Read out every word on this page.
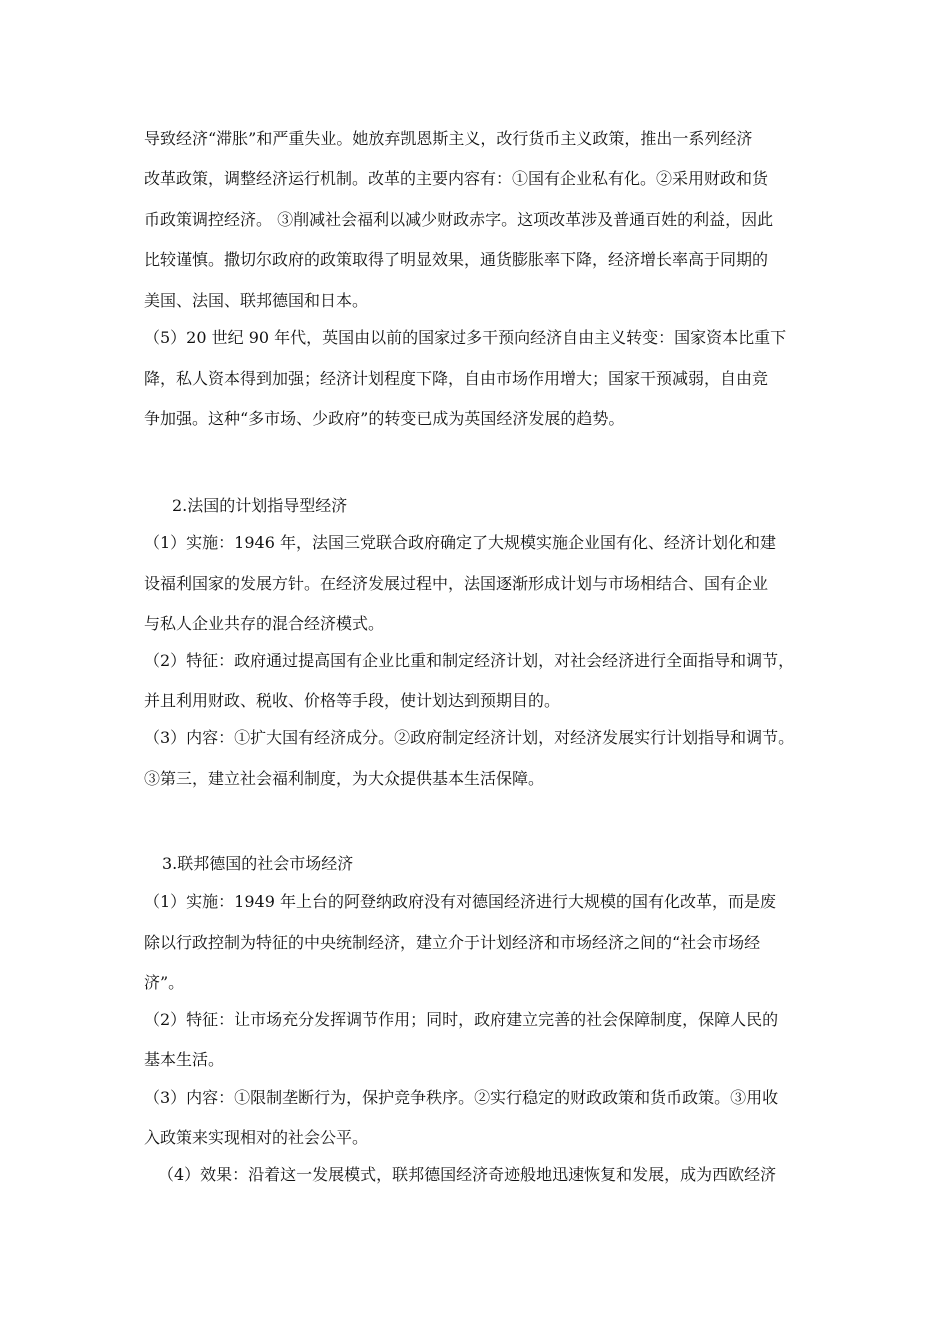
导致经济“滞胀”和严重失业。她放弃凯恩斯主义，改行货币主义政策，推出一系列经济
改革政策，调整经济运行机制。改革的主要内容有：①国有企业私有化。②采用财政和货
币政策调控经济。 ③削减社会福利以减少财政赤字。这项改革涉及普通百姓的利益，因此
比较谨慎。撒切尔政府的政策取得了明显效果，通货膨胀率下降，经济增长率高于同期的
美国、法国、联邦德国和日本。
（5）20 世纪 90 年代，英国由以前的国家过多干预向经济自由主义转变：国家资本比重下
降，私人资本得到加强；经济计划程度下降，自由市场作用增大；国家干预减弱，自由竞
争加强。这种“多市场、少政府”的转变已成为英国经济发展的趋势。
2.法国的计划指导型经济
（1）实施：1946 年，法国三党联合政府确定了大规模实施企业国有化、经济计划化和建
设福利国家的发展方针。在经济发展过程中，法国逐渐形成计划与市场相结合、国有企业
与私人企业共存的混合经济模式。
（2）特征：政府通过提高国有企业比重和制定经济计划，对社会经济进行全面指导和调节，
并且利用财政、税收、价格等手段，使计划达到预期目的。
（3）内容：①扩大国有经济成分。②政府制定经济计划，对经济发展实行计划指导和调节。
③第三，建立社会福利制度，为大众提供基本生活保障。
3.联邦德国的社会市场经济
（1）实施：1949 年上台的阿登纳政府没有对德国经济进行大规模的国有化改革，而是废
除以行政控制为特征的中央统制经济，建立介于计划经济和市场经济之间的“社会市场经
济”。
（2）特征：让市场充分发挥调节作用；同时，政府建立完善的社会保障制度，保障人民的
基本生活。
（3）内容：①限制垄断行为，保护竞争秩序。②实行稳定的财政政策和货币政策。③用收
入政策来实现相对的社会公平。
（4）效果：沿着这一发展模式，联邦德国经济奇迹般地迅速恢复和发展，成为西欧经济
